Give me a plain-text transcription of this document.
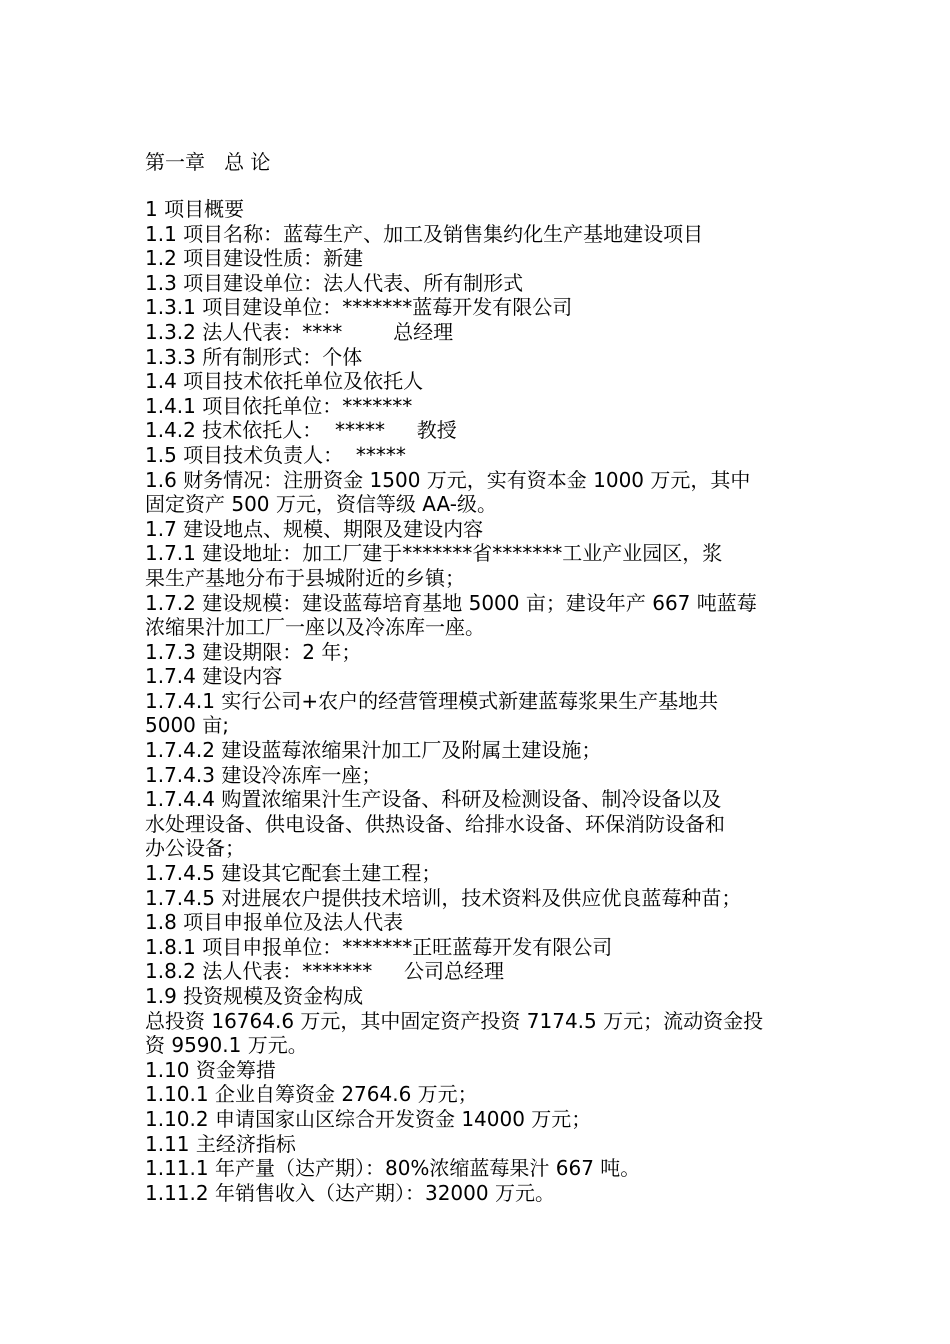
第一章   总 论
1 项目概要
1.1 项目名称：蓝莓生产、加工及销售集约化生产基地建设项目
1.2 项目建设性质：新建
1.3 项目建设单位：法人代表、所有制形式
1.3.1 项目建设单位：*******蓝莓开发有限公司
1.3.2 法人代表：****        总经理
1.3.3 所有制形式：个体
1.4 项目技术依托单位及依托人
1.4.1 项目依托单位：*******
1.4.2 技术依托人：  *****     教授
1.5 项目技术负责人：  *****
1.6 财务情况：注册资金 1500 万元，实有资本金 1000 万元，其中
固定资产 500 万元，资信等级 AA-级。
1.7 建设地点、规模、期限及建设内容
1.7.1 建设地址：加工厂建于*******省*******工业产业园区，浆
果生产基地分布于县城附近的乡镇；
1.7.2 建设规模：建设蓝莓培育基地 5000 亩；建设年产 667 吨蓝莓
浓缩果汁加工厂一座以及冷冻库一座。
1.7.3 建设期限：2 年；
1.7.4 建设内容
1.7.4.1 实行公司+农户的经营管理模式新建蓝莓浆果生产基地共
5000 亩;
1.7.4.2 建设蓝莓浓缩果汁加工厂及附属土建设施；
1.7.4.3 建设冷冻库一座；
1.7.4.4 购置浓缩果汁生产设备、科研及检测设备、制冷设备以及
水处理设备、供电设备、供热设备、给排水设备、环保消防设备和
办公设备；
1.7.4.5 建设其它配套土建工程；
1.7.4.5 对进展农户提供技术培训，技术资料及供应优良蓝莓种苗；
1.8 项目申报单位及法人代表
1.8.1 项目申报单位：*******正旺蓝莓开发有限公司
1.8.2 法人代表：*******     公司总经理
1.9 投资规模及资金构成
总投资 16764.6 万元，其中固定资产投资 7174.5 万元；流动资金投
资 9590.1 万元。
1.10 资金筹措
1.10.1 企业自筹资金 2764.6 万元；
1.10.2 申请国家山区综合开发资金 14000 万元；
1.11 主经济指标
1.11.1 年产量（达产期）：80%浓缩蓝莓果汁 667 吨。
1.11.2 年销售收入（达产期）：32000 万元。
